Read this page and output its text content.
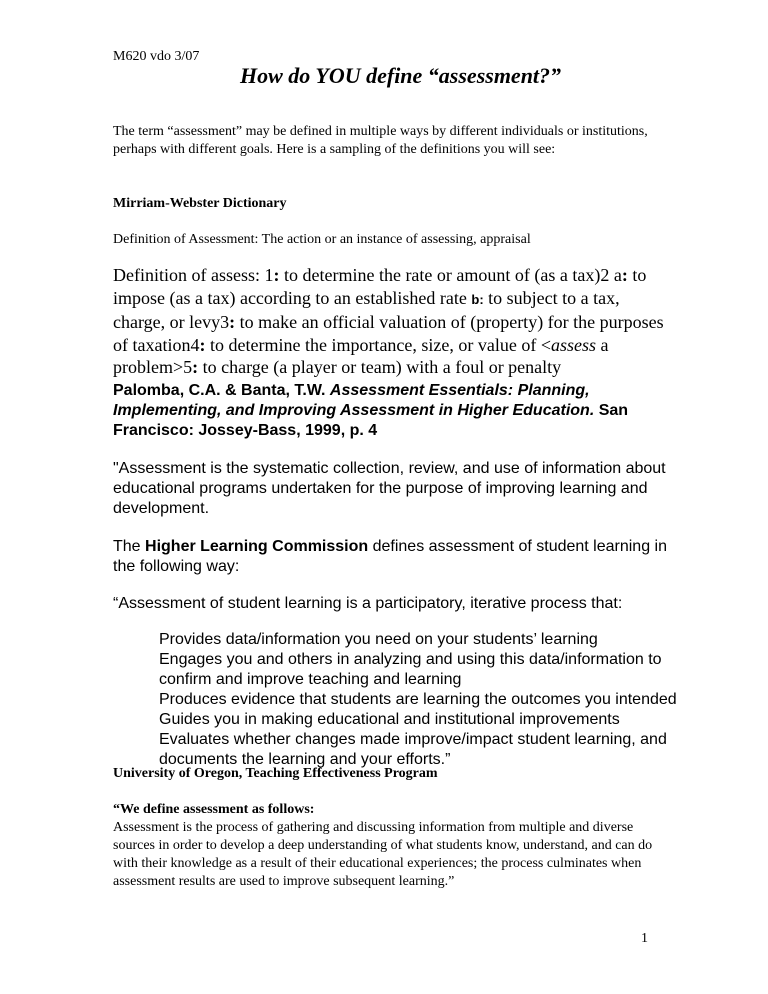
M620 vdo 3/07
How do YOU define “assessment?”

The term “assessment” may be defined in multiple ways by different individuals or institutions, perhaps with different goals. Here is a sampling of the definitions you will see:

Mirriam-Webster Dictionary

Definition of Assessment: The action or an instance of assessing, appraisal

Definition of assess: 1: to determine the rate or amount of (as a tax)2 a: to impose (as a tax) according to an established rate b: to subject to a tax, charge, or levy3: to make an official valuation of (property) for the purposes of taxation4: to determine the importance, size, or value of <assess a problem>5: to charge (a player or team) with a foul or penalty

Palomba, C.A. & Banta, T.W. Assessment Essentials: Planning, Implementing, and Improving Assessment in Higher Education. San Francisco: Jossey-Bass, 1999, p. 4

"Assessment is the systematic collection, review, and use of information about educational programs undertaken for the purpose of improving learning and development.

The Higher Learning Commission defines assessment of student learning in the following way:

“Assessment of student learning is a participatory, iterative process that:

Provides data/information you need on your students’ learning

Engages you and others in analyzing and using this data/information to confirm and improve teaching and learning

Produces evidence that students are learning the outcomes you intended

Guides you in making educational and institutional improvements

Evaluates whether changes made improve/impact student learning, and documents the learning and your efforts.”

University of Oregon, Teaching Effectiveness Program

“We define assessment as follows:

Assessment is the process of gathering and discussing information from multiple and diverse sources in order to develop a deep understanding of what students know, understand, and can do with their knowledge as a result of their educational experiences; the process culminates when assessment results are used to improve subsequent learning.”

1
